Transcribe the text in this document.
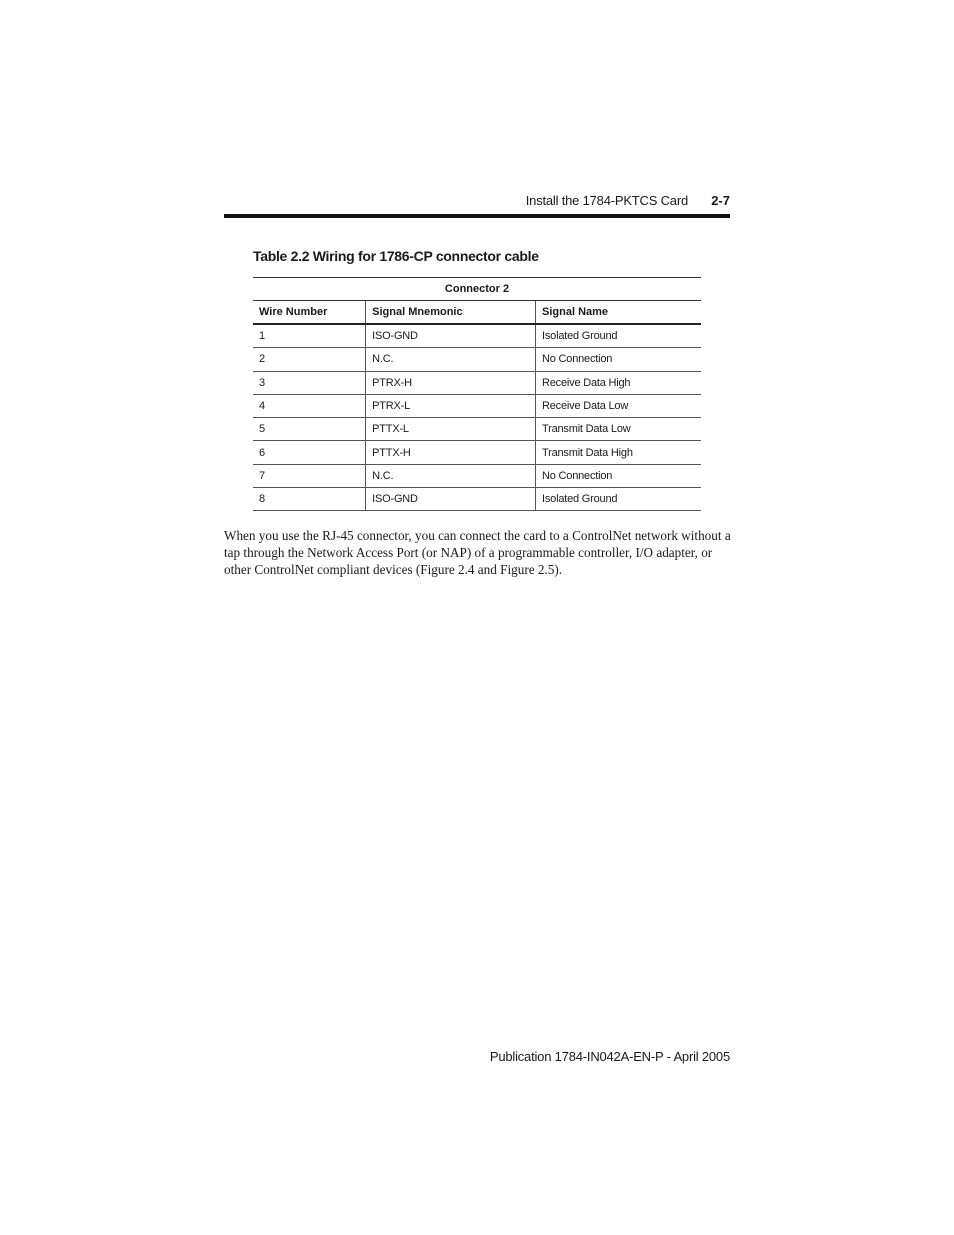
Install the 1784-PKTCS Card 2-7
Table 2.2 Wiring for 1786-CP connector cable
Connector 2		
Wire Number	Signal Mnemonic	Signal Name
1	ISO-GND	Isolated Ground
2	N.C.	No Connection
3	PTRX-H	Receive Data High
4	PTRX-L	Receive Data Low
5	PTTX-L	Transmit Data Low
6	PTTX-H	Transmit Data High
7	N.C.	No Connection
8	ISO-GND	Isolated Ground

When you use the RJ-45 connector, you can connect the card to a ControlNet network without a tap through the Network Access Port (or NAP) of a programmable controller, I/O adapter, or other ControlNet compliant devices (Figure 2.4 and Figure 2.5).

Publication 1784-IN042A-EN-P - April 2005
